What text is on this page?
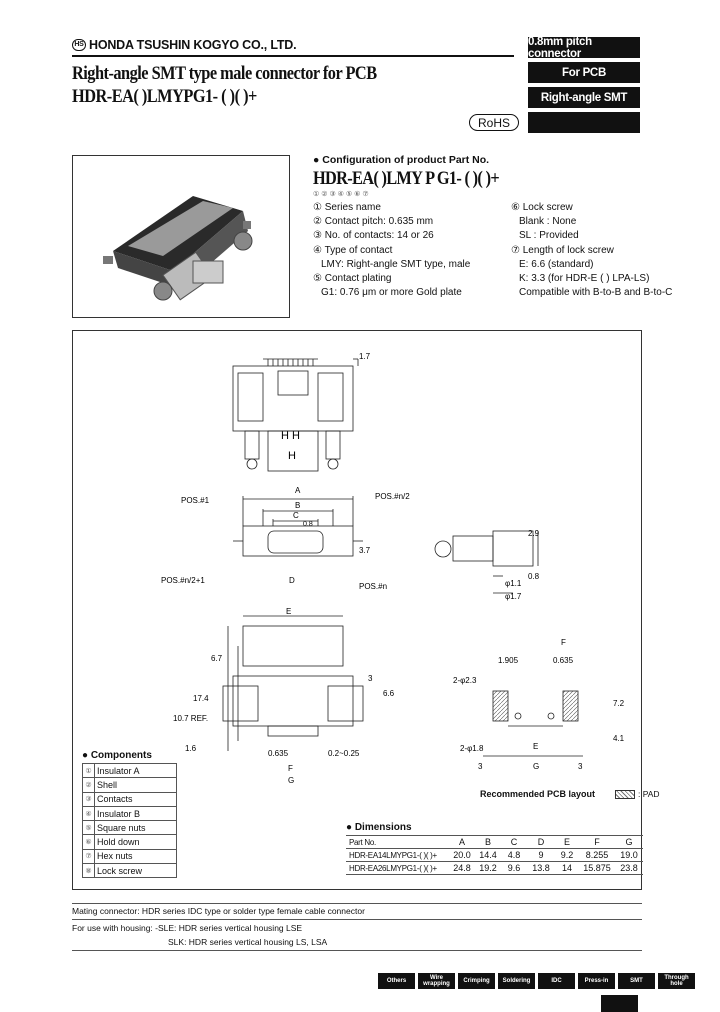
HS HONDA TSUSHIN KOGYO CO., LTD.
Right-angle SMT type male connector for PCB
HDR-EA( )LMYPG1- ( )( )+
0.8mm pitch connector
For PCB
Right-angle SMT
RoHS
● Configuration of product Part No.
HDR-EA( )LMY P G1- ( )( )+
① ② ③ ④ ⑤ ⑥ ⑦
① Series name
② Contact pitch: 0.635 mm
③ No. of contacts: 14 or 26
④ Type of contact
LMY: Right-angle SMT type, male
⑤ Contact plating
G1: 0.76 μm or more Gold plate
⑥ Lock screw
Blank : None
SL : Provided
⑦ Length of lock screw
E: 6.6 (standard)
K: 3.3 (for HDR-E ( ) LPA-LS)
Compatible with B-to-B and B-to-C
1.7
H H
H
A
B
C
0.8
POS.#1	POS.#n/2
POS.#n/2+1
POS.#n
D
3.7
2.9
0.8
φ1.1
φ1.7
E
6.7
17.4
10.7 REF.
3
6.6
1.6
0.635	0.2~0.25
F
G
F
1.905	0.635
2-φ2.3
2-φ1.8
7.2
4.1
E
G
3	3
● Components
①	Insulator A
②	Shell
③	Contacts
④	Insulator B
⑤	Square nuts
⑥	Hold down
⑦	Hex nuts
⑧	Lock screw
Recommended PCB layout	: PAD
● Dimensions
Part No.	A	B	C	D	E	F	G
HDR-EA14LMYPG1-( )( )+	20.0	14.4	4.8	9	9.2	8.255	19.0
HDR-EA26LMYPG1-( )( )+	24.8	19.2	9.6	13.8	14	15.875	23.8
Mating connector: HDR series IDC type or solder type female cable connector
For use with housing: -SLE: HDR series vertical housing LSE
SLK: HDR series vertical housing LS, LSA
Others	Wire wrapping	Crimping	Soldering	IDC	Press-in	SMT	Through hole
